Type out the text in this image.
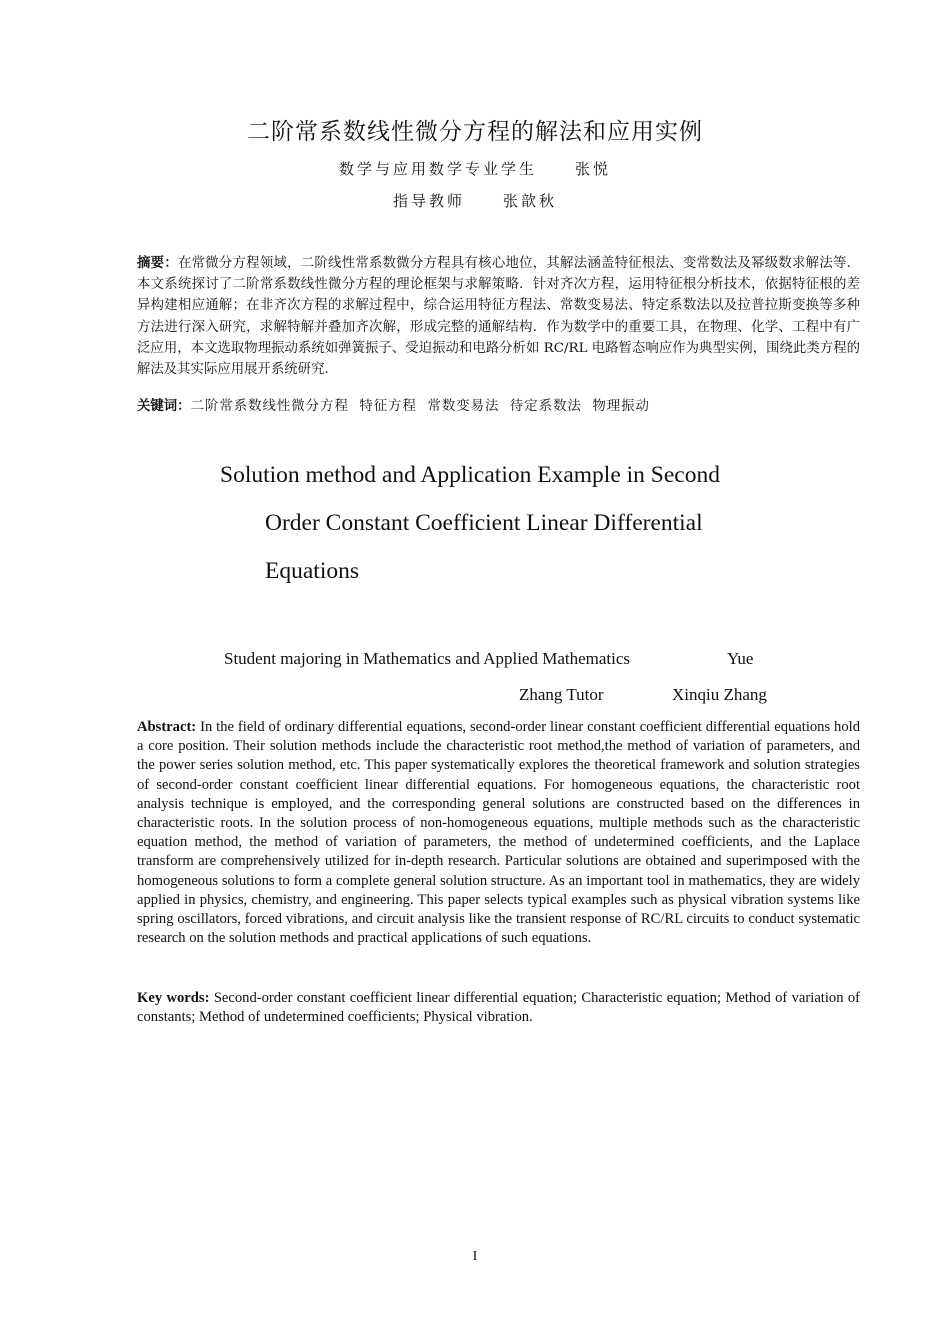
二阶常系数线性微分方程的解法和应用实例
数学与应用数学专业学生	张悦
指导教师	张歆秋
摘要：在常微分方程领域，二阶线性常系数微分方程具有核心地位，其解法涵盖特征根法、变常数法及幂级数求解法等．本文系统探讨了二阶常系数线性微分方程的理论框架与求解策略．针对齐次方程，运用特征根分析技术，依据特征根的差异构建相应通解；在非齐次方程的求解过程中，综合运用特征方程法、常数变易法、特定系数法以及拉普拉斯变换等多种方法进行深入研究，求解特解并叠加齐次解，形成完整的通解结构．作为数学中的重要工具，在物理、化学、工程中有广泛应用，本文选取物理振动系统如弹簧振子、受迫振动和电路分析如 RC/RL 电路暂态响应作为典型实例，围绕此类方程的解法及其实际应用展开系统研究.
关键词：二阶常系数线性微分方程  特征方程  常数变易法  待定系数法  物理振动
Solution method and Application Example in Second
Order Constant Coefficient Linear Differential
Equations
Student majoring in Mathematics and Applied Mathematics	Yue
Zhang Tutor	Xinqiu Zhang
Abstract: In the field of ordinary differential equations, second-order linear constant coefficient differential equations hold a core position. Their solution methods include the characteristic root method,the method of variation of parameters, and the power series solution method, etc. This paper systematically explores the theoretical framework and solution strategies of second-order constant coefficient linear differential equations. For homogeneous equations, the characteristic root analysis technique is employed, and the corresponding general solutions are constructed based on the differences in characteristic roots. In the solution process of non-homogeneous equations, multiple methods such as the characteristic equation method, the method of variation of parameters, the method of undetermined coefficients, and the Laplace transform are comprehensively utilized for in-depth research. Particular solutions are obtained and superimposed with the homogeneous solutions to form a complete general solution structure. As an important tool in mathematics, they are widely applied in physics, chemistry, and engineering. This paper selects typical examples such as physical vibration systems like spring oscillators, forced vibrations, and circuit analysis like the transient response of RC/RL circuits to conduct systematic research on the solution methods and practical applications of such equations.
Key words: Second-order constant coefficient linear differential equation; Characteristic equation; Method of variation of constants; Method of undetermined coefficients; Physical vibration.
I
